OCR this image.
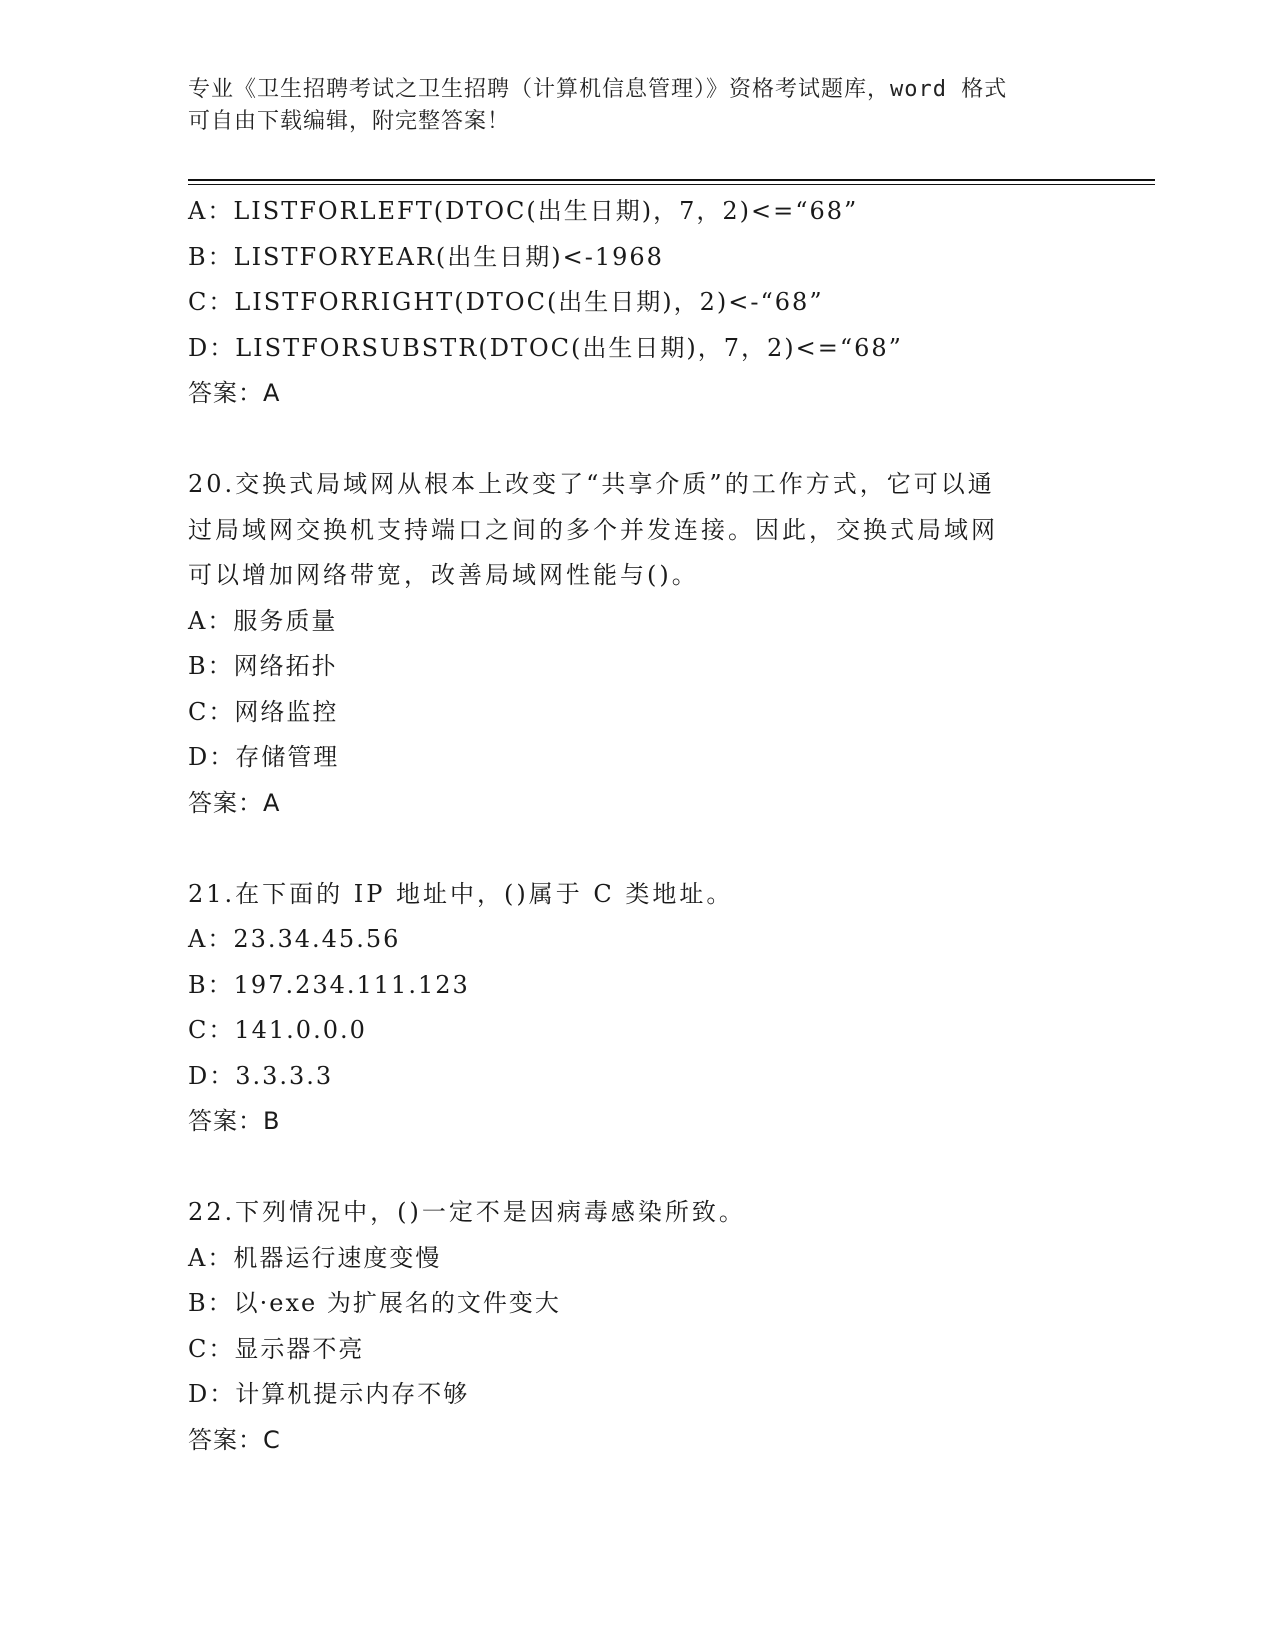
专业《卫生招聘考试之卫生招聘（计算机信息管理）》资格考试题库，word 格式
可自由下载编辑，附完整答案！
A：LISTFORLEFT(DTOC(出生日期)，7，2)<=“68”
B：LISTFORYEAR(出生日期)<-1968
C：LISTFORRIGHT(DTOC(出生日期)，2)<-“68”
D：LISTFORSUBSTR(DTOC(出生日期)，7，2)<=“68”
答案：A
20.交换式局域网从根本上改变了“共享介质”的工作方式，它可以通
过局域网交换机支持端口之间的多个并发连接。因此，交换式局域网
可以增加网络带宽，改善局域网性能与()。
A：服务质量
B：网络拓扑
C：网络监控
D：存储管理
答案：A
21.在下面的 IP 地址中，()属于 C 类地址。
A：23.34.45.56
B：197.234.111.123
C：141.0.0.0
D：3.3.3.3
答案：B
22.下列情况中，()一定不是因病毒感染所致。
A：机器运行速度变慢
B：以·exe 为扩展名的文件变大
C：显示器不亮
D：计算机提示内存不够
答案：C
